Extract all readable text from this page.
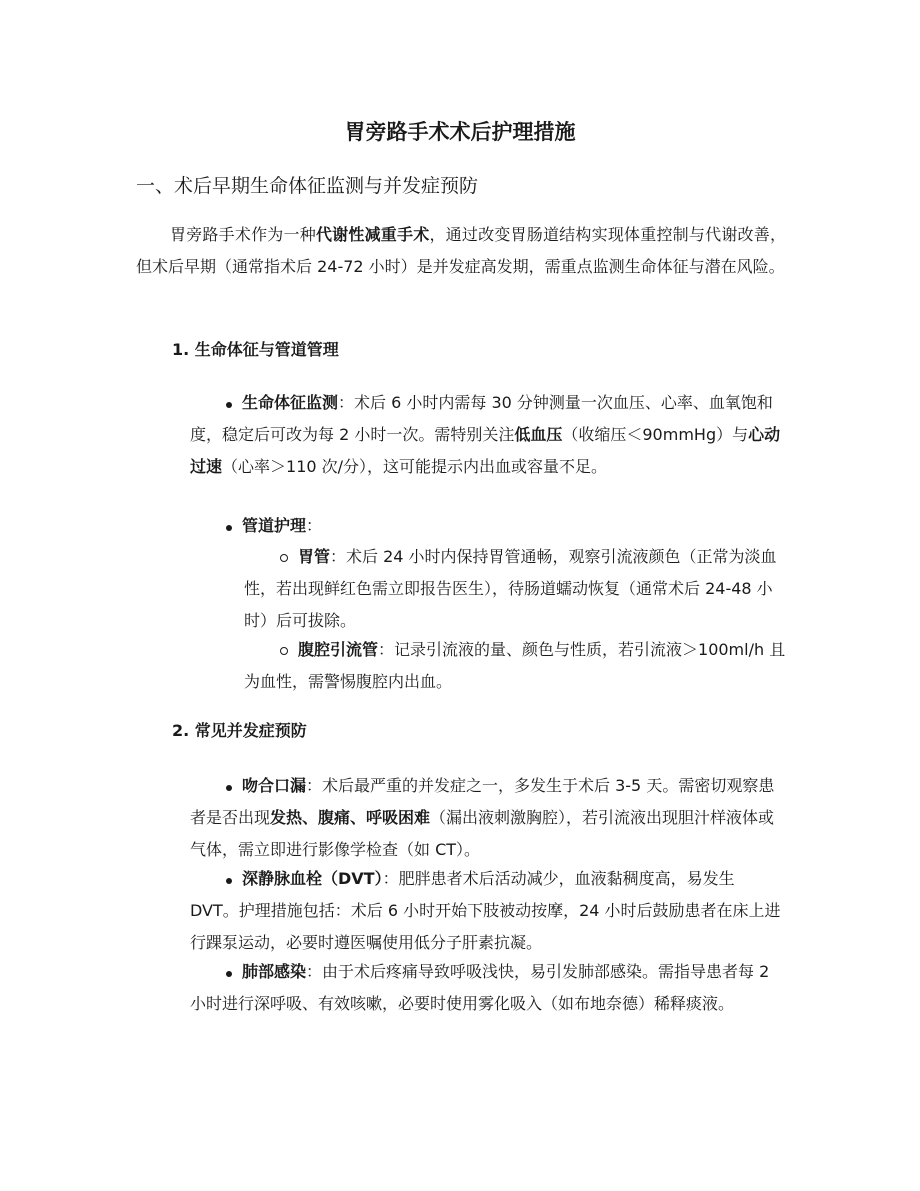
胃旁路手术术后护理措施
一、术后早期生命体征监测与并发症预防
胃旁路手术作为一种代谢性减重手术，通过改变胃肠道结构实现体重控制与代谢改善，但术后早期（通常指术后 24-72 小时）是并发症高发期，需重点监测生命体征与潜在风险。
1. 生命体征与管道管理
生命体征监测：术后 6 小时内需每 30 分钟测量一次血压、心率、血氧饱和度，稳定后可改为每 2 小时一次。需特别关注低血压（收缩压＜90mmHg）与心动过速（心率＞110 次/分），这可能提示内出血或容量不足。
管道护理：
胃管：术后 24 小时内保持胃管通畅，观察引流液颜色（正常为淡血性，若出现鲜红色需立即报告医生），待肠道蠕动恢复（通常术后 24-48 小时）后可拔除。
腹腔引流管：记录引流液的量、颜色与性质，若引流液＞100ml/h 且为血性，需警惕腹腔内出血。
2. 常见并发症预防
吻合口漏：术后最严重的并发症之一，多发生于术后 3-5 天。需密切观察患者是否出现发热、腹痛、呼吸困难（漏出液刺激胸腔），若引流液出现胆汁样液体或气体，需立即进行影像学检查（如 CT）。
深静脉血栓（DVT）：肥胖患者术后活动减少，血液黏稠度高，易发生 DVT。护理措施包括：术后 6 小时开始下肢被动按摩，24 小时后鼓励患者在床上进行踝泵运动，必要时遵医嘱使用低分子肝素抗凝。
肺部感染：由于术后疼痛导致呼吸浅快，易引发肺部感染。需指导患者每 2 小时进行深呼吸、有效咳嗽，必要时使用雾化吸入（如布地奈德）稀释痰液。
